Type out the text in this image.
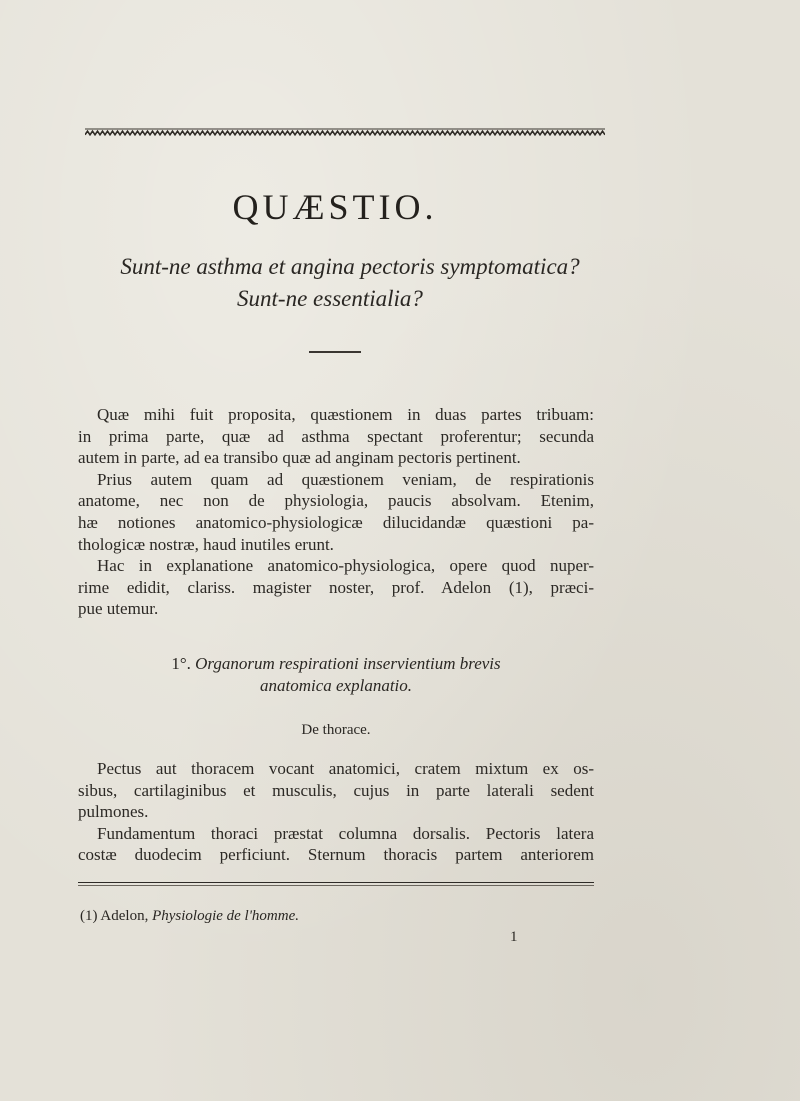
QUÆSTIO.
Sunt-ne asthma et angina pectoris symptomatica?
Sunt-ne essentialia?
Quæ mihi fuit proposita, quæstionem in duas partes tribuam:
in prima parte, quæ ad asthma spectant proferentur; secunda
autem in parte, ad ea transibo quæ ad anginam pectoris pertinent.
Prius autem quam ad quæstionem veniam, de respirationis
anatome, nec non de physiologia, paucis absolvam. Etenim,
hæ notiones anatomico-physiologicæ dilucidandæ quæstioni pa-
thologicæ nostræ, haud inutiles erunt.
Hac in explanatione anatomico-physiologica, opere quod nuper-
rime edidit, clariss. magister noster, prof. Adelon (1), præci-
pue utemur.
1°. Organorum respirationi inservientium brevis
anatomica explanatio.
De thorace.
Pectus aut thoracem vocant anatomici, cratem mixtum ex os-
sibus, cartilaginibus et musculis, cujus in parte laterali sedent
pulmones.
Fundamentum thoraci præstat columna dorsalis. Pectoris latera
costæ duodecim perficiunt. Sternum thoracis partem anteriorem
(1) Adelon, Physiologie de l'homme.
1
